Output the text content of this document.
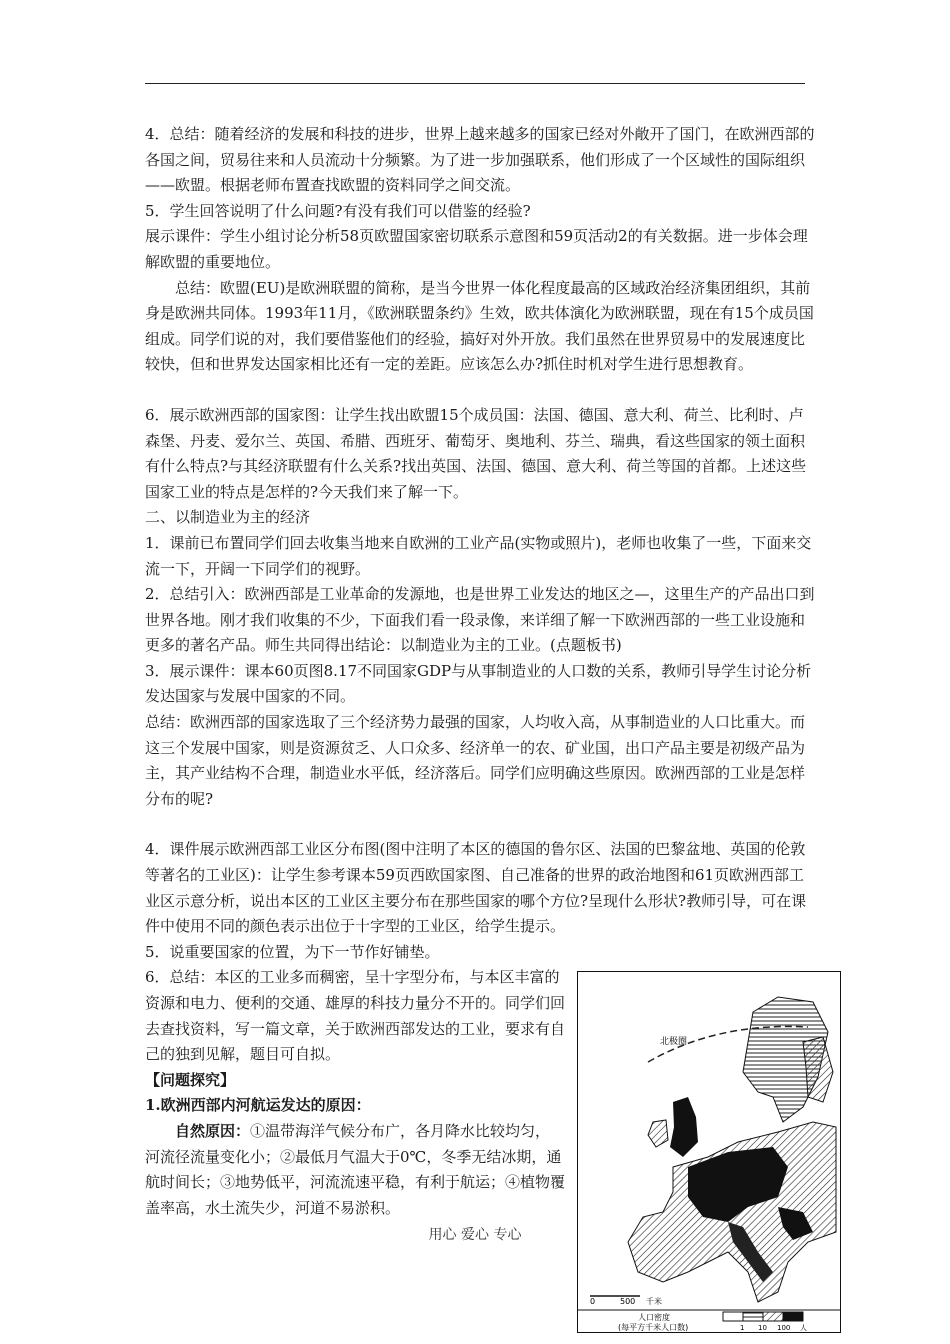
4．总结：随着经济的发展和科技的进步，世界上越来越多的国家已经对外敞开了国门，在欧洲西部的各国之间，贸易往来和人员流动十分频繁。为了进一步加强联系，他们形成了一个区域性的国际组织——欧盟。根据老师布置查找欧盟的资料同学之间交流。

5．学生回答说明了什么问题?有没有我们可以借鉴的经验?

展示课件：学生小组讨论分析58页欧盟国家密切联系示意图和59页活动2的有关数据。进一步体会理解欧盟的重要地位。

总结：欧盟(EU)是欧洲联盟的简称，是当今世界一体化程度最高的区域政治经济集团组织，其前身是欧洲共同体。1993年11月，《欧洲联盟条约》生效，欧共体演化为欧洲联盟，现在有15个成员国组成。同学们说的对，我们要借鉴他们的经验，搞好对外开放。我们虽然在世界贸易中的发展速度比较快，但和世界发达国家相比还有一定的差距。应该怎么办?抓住时机对学生进行思想教育。

6．展示欧洲西部的国家图：让学生找出欧盟15个成员国：法国、德国、意大利、荷兰、比利时、卢森堡、丹麦、爱尔兰、英国、希腊、西班牙、葡萄牙、奥地利、芬兰、瑞典，看这些国家的领土面积有什么特点?与其经济联盟有什么关系?找出英国、法国、德国、意大利、荷兰等国的首都。上述这些国家工业的特点是怎样的?今天我们来了解一下。

二、以制造业为主的经济

1．课前已布置同学们回去收集当地来自欧洲的工业产品(实物或照片)，老师也收集了一些，下面来交流一下，开阔一下同学们的视野。

2．总结引入：欧洲西部是工业革命的发源地，也是世界工业发达的地区之—，这里生产的产品出口到世界各地。刚才我们收集的不少，下面我们看一段录像，来详细了解一下欧洲西部的一些工业设施和更多的著名产品。师生共同得出结论：以制造业为主的工业。(点题板书)

3．展示课件：课本60页图8.17不同国家GDP与从事制造业的人口数的关系，教师引导学生讨论分析发达国家与发展中国家的不同。

总结：欧洲西部的国家选取了三个经济势力最强的国家，人均收入高，从事制造业的人口比重大。而这三个发展中国家，则是资源贫乏、人口众多、经济单一的农、矿业国，出口产品主要是初级产品为主，其产业结构不合理，制造业水平低，经济落后。同学们应明确这些原因。欧洲西部的工业是怎样分布的呢?

4．课件展示欧洲西部工业区分布图(图中注明了本区的德国的鲁尔区、法国的巴黎盆地、英国的伦敦等著名的工业区)：让学生参考课本59页西欧国家图、自己准备的世界的政治地图和61页欧洲西部工业区示意分析，说出本区的工业区主要分布在那些国家的哪个方位?呈现什么形状?教师引导，可在课件中使用不同的颜色表示出位于十字型的工业区，给学生提示。

5．说重要国家的位置，为下一节作好铺垫。

6．总结：本区的工业多而稠密，呈十字型分布，与本区丰富的资源和电力、便利的交通、雄厚的科技力量分不开的。同学们回去查找资料，写一篇文章，关于欧洲西部发达的工业，要求有自己的独到见解，题目可自拟。

【问题探究】

1.欧洲西部内河航运发达的原因：

自然原因：①温带海洋气候分布广，各月降水比较均匀，河流径流量变化小；②最低月气温大于0℃，冬季无结冰期，通航时间长；③地势低平，河流流速平稳，有利于航运；④植物覆盖率高，水土流失少，河道不易淤积。

北极圈
0	500 千米
人口密度
(每平方千米人口数)	1 10 100 人
用心 爱心 专心
